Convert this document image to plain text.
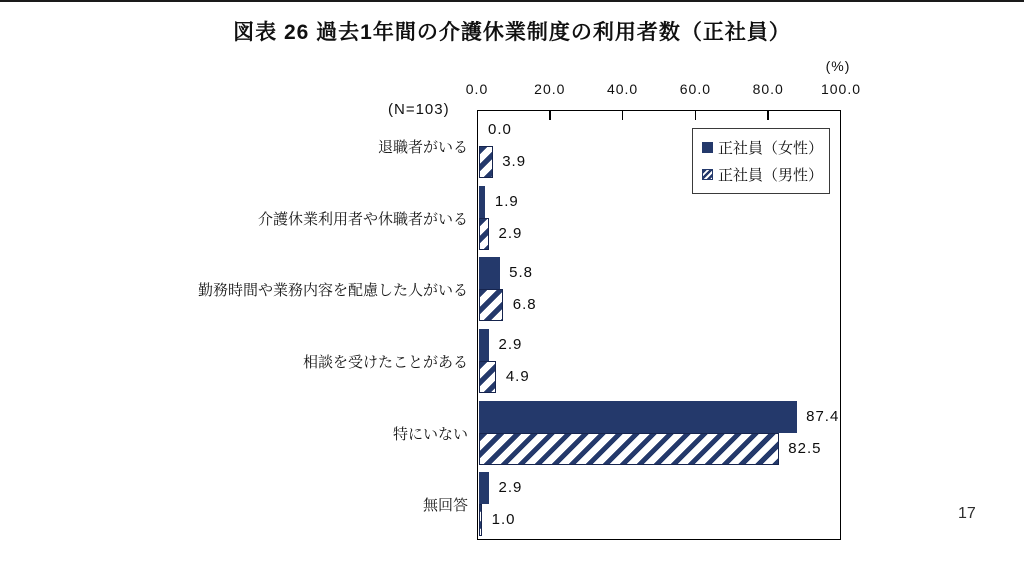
図表 26 過去1年間の介護休業制度の利用者数（正社員）
(%)
(N=103)
0.0	20.0	40.0	60.0	80.0	100.0
退職者がいる
0.0
3.9
介護休業利用者や休職者がいる
1.9
2.9
勤務時間や業務内容を配慮した人がいる
5.8
6.8
相談を受けたことがある
2.9
4.9
特にいない
87.4
82.5
無回答
2.9
1.0
正社員（女性）
正社員（男性）
17
